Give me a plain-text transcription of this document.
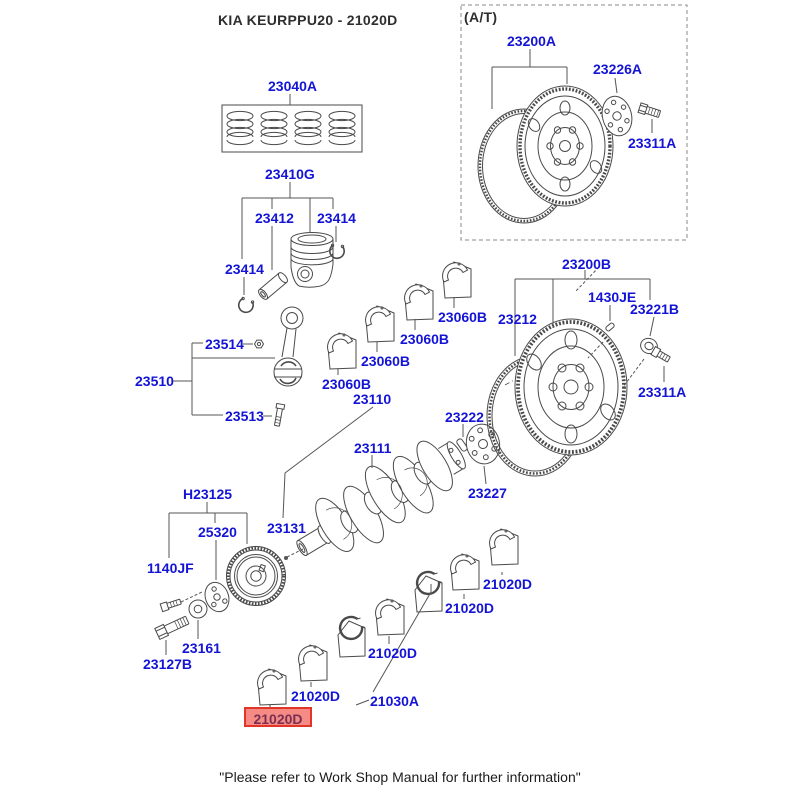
KIA KEURPPU20 - 21020D	(A/T)
23200A
23226A
23311A
23040A
23410G
23412 23414
23414
23514
23510
23513
23060B
23060B
23060B
23060B
23110
23111
23222
23227
23131
23200B
23212
1430JE
23221B
23311A
H23125
25320
1140JF
23161
23127B
21020D
21020D
21020D
21020D
21030A
21020D
"Please refer to Work Shop Manual for further information"
